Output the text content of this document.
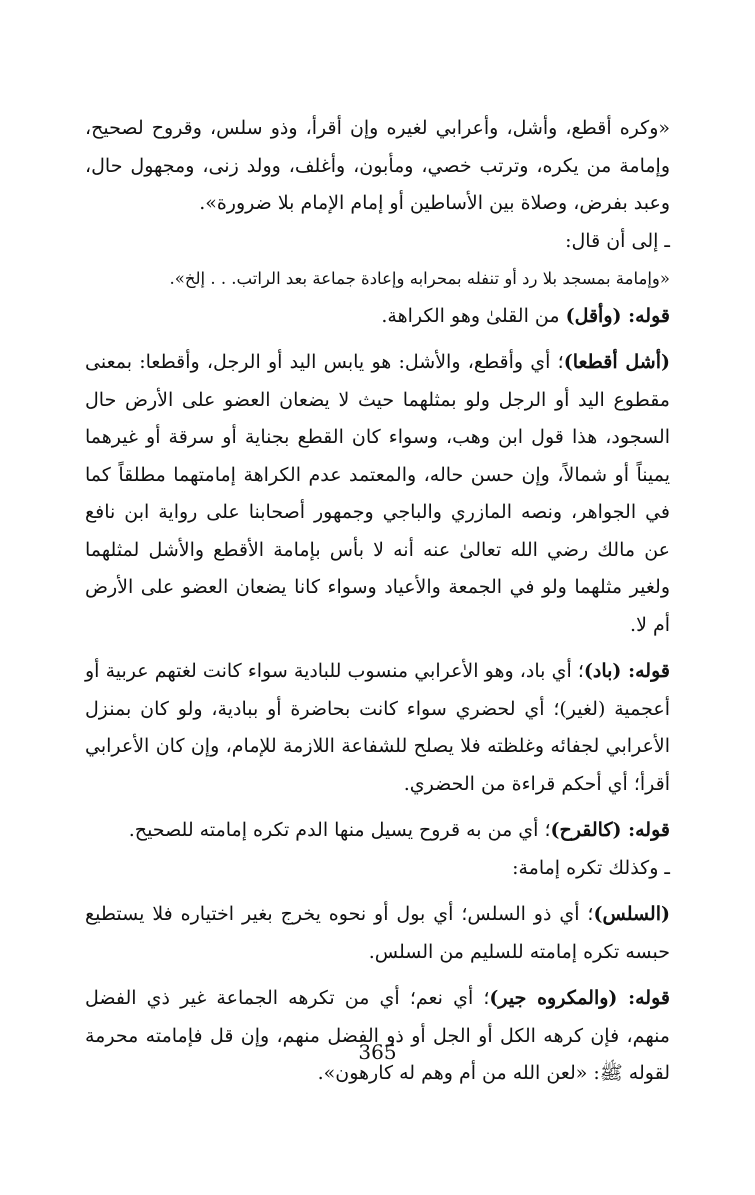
«وكره أقطع، وأشل، وأعرابي لغيره وإن أقرأ، وذو سلس، وقروح لصحيح، وإمامة من يكره، وترتب خصي، ومأبون، وأغلف، وولد زنى، ومجهول حال، وعبد بفرض، وصلاة بين الأساطين أو إمام الإمام بلا ضرورة».

ـ إلى أن قال:

«وإمامة بمسجد بلا رد أو تنفله بمحرابه وإعادة جماعة بعد الراتب. . . إلخ».

قوله: (وأقل) من القلىٰ وهو الكراهة.

(أشل أقطعا)؛ أي وأقطع، والأشل: هو يابس اليد أو الرجل، وأقطعا: بمعنى مقطوع اليد أو الرجل ولو بمثلهما حيث لا يضعان العضو على الأرض حال السجود، هذا قول ابن وهب، وسواء كان القطع بجناية أو سرقة أو غيرهما يميناً أو شمالاً، وإن حسن حاله، والمعتمد عدم الكراهة إمامتهما مطلقاً كما في الجواهر، ونصه المازري والباجي وجمهور أصحابنا على رواية ابن نافع عن مالك رضي الله تعالىٰ عنه أنه لا بأس بإمامة الأقطع والأشل لمثلهما ولغير مثلهما ولو في الجمعة والأعياد وسواء كانا يضعان العضو على الأرض أم لا.

قوله: (باد)؛ أي باد، وهو الأعرابي منسوب للبادية سواء كانت لغتهم عربية أو أعجمية (لغير)؛ أي لحضري سواء كانت بحاضرة أو ببادية، ولو كان بمنزل الأعرابي لجفائه وغلظته فلا يصلح للشفاعة اللازمة للإمام، وإن كان الأعرابي أقرأ؛ أي أحكم قراءة من الحضري.

قوله: (كالقرح)؛ أي من به قروح يسيل منها الدم تكره إمامته للصحيح.

ـ وكذلك تكره إمامة:

(السلس)؛ أي ذو السلس؛ أي بول أو نحوه يخرج بغير اختياره فلا يستطيع حبسه تكره إمامته للسليم من السلس.

قوله: (والمكروه جير)؛ أي نعم؛ أي من تكرهه الجماعة غير ذي الفضل منهم، فإن كرهه الكل أو الجل أو ذو الفضل منهم، وإن قل فإمامته محرمة لقوله ﷺ: «لعن الله من أم وهم له كارهون».

365
